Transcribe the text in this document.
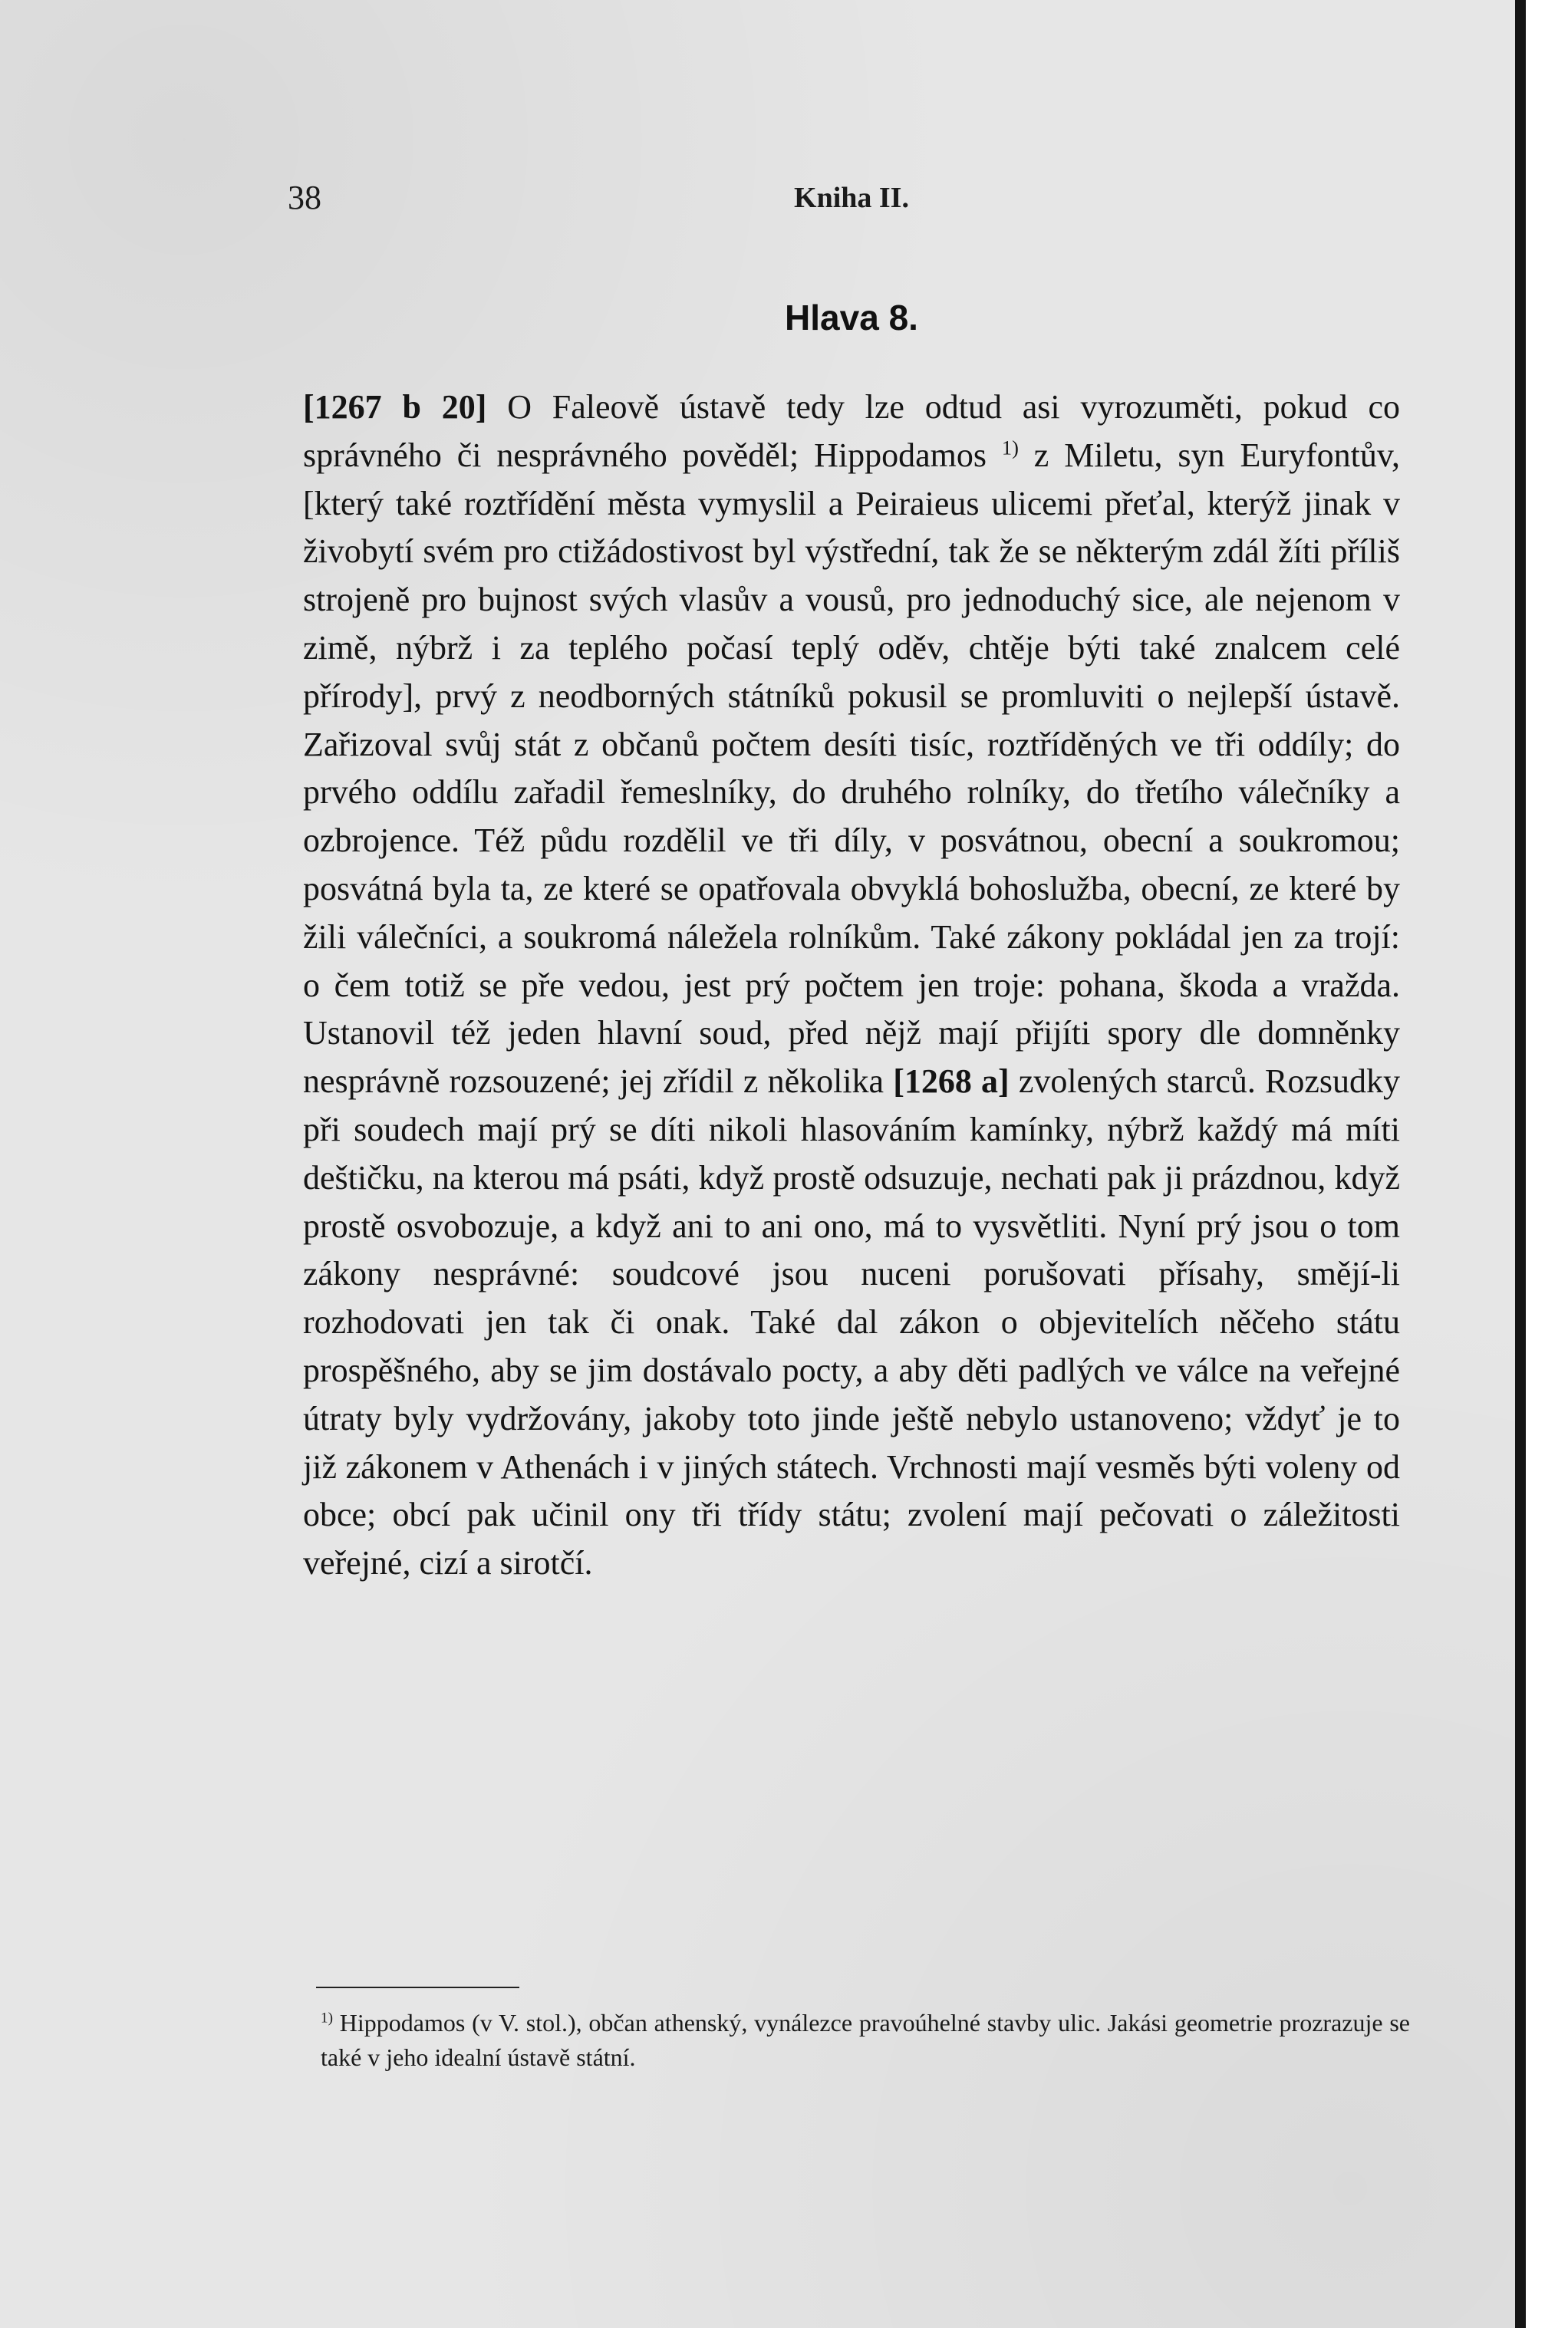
38	Kniha II.
Hlava 8.
[1267 b 20] O Faleově ústavě tedy lze odtud asi vyrozuměti, pokud co správného či nesprávného pověděl; Hippodamos $^{1)}$ z Miletu, syn Euryfontův, [který také roztřídění města vymyslil a Peiraieus ulicemi přeťal, kterýž jinak v živobytí svém pro ctižádostivost byl výstřední, tak že se některým zdál žíti příliš strojeně pro bujnost svých vlasův a vousů, pro jednoduchý sice, ale nejenom v zimě, nýbrž i za teplého počasí teplý oděv, chtěje býti také znalcem celé přírody], prvý z neodborných státníků pokusil se promluviti o nejlepší ústavě. Zařizoval svůj stát z občanů počtem desíti tisíc, roztříděných ve tři oddíly; do prvého oddílu zařadil řemeslníky, do druhého rolníky, do třetího válečníky a ozbrojence. Též půdu rozdělil ve tři díly, v posvátnou, obecní a soukromou; posvátná byla ta, ze které se opatřovala obvyklá bohoslužba, obecní, ze které by žili válečníci, a soukromá náležela rolníkům. Také zákony pokládal jen za trojí: o čem totiž se pře vedou, jest prý počtem jen troje: pohana, škoda a vražda. Ustanovil též jeden hlavní soud, před nějž mají přijíti spory dle domněnky nesprávně rozsouzené; jej zřídil z několika [1268 a] zvolených starců. Rozsudky při soudech mají prý se díti nikoli hlasováním kamínky, nýbrž každý má míti deštičku, na kterou má psáti, když prostě odsuzuje, nechati pak ji prázdnou, když prostě osvobozuje, a když ani to ani ono, má to vysvětliti. Nyní prý jsou o tom zákony nesprávné: soudcové jsou nuceni porušovati přísahy, smějí-li rozhodovati jen tak či onak. Také dal zákon o objevitelích něčeho státu prospěšného, aby se jim dostávalo pocty, a aby děti padlých ve válce na veřejné útraty byly vydržovány, jakoby toto jinde ještě nebylo ustanoveno; vždyť je to již zákonem v Athenách i v jiných státech. Vrchnosti mají vesměs býti voleny od obce; obcí pak učinil ony tři třídy státu; zvolení mají pečovati o záležitosti veřejné, cizí a sirotčí.
$^{1)}$ Hippodamos (v V. stol.), občan athenský, vynálezce pravoúhelné stavby ulic. Jakási geometrie prozrazuje se také v jeho idealní ústavě státní.
